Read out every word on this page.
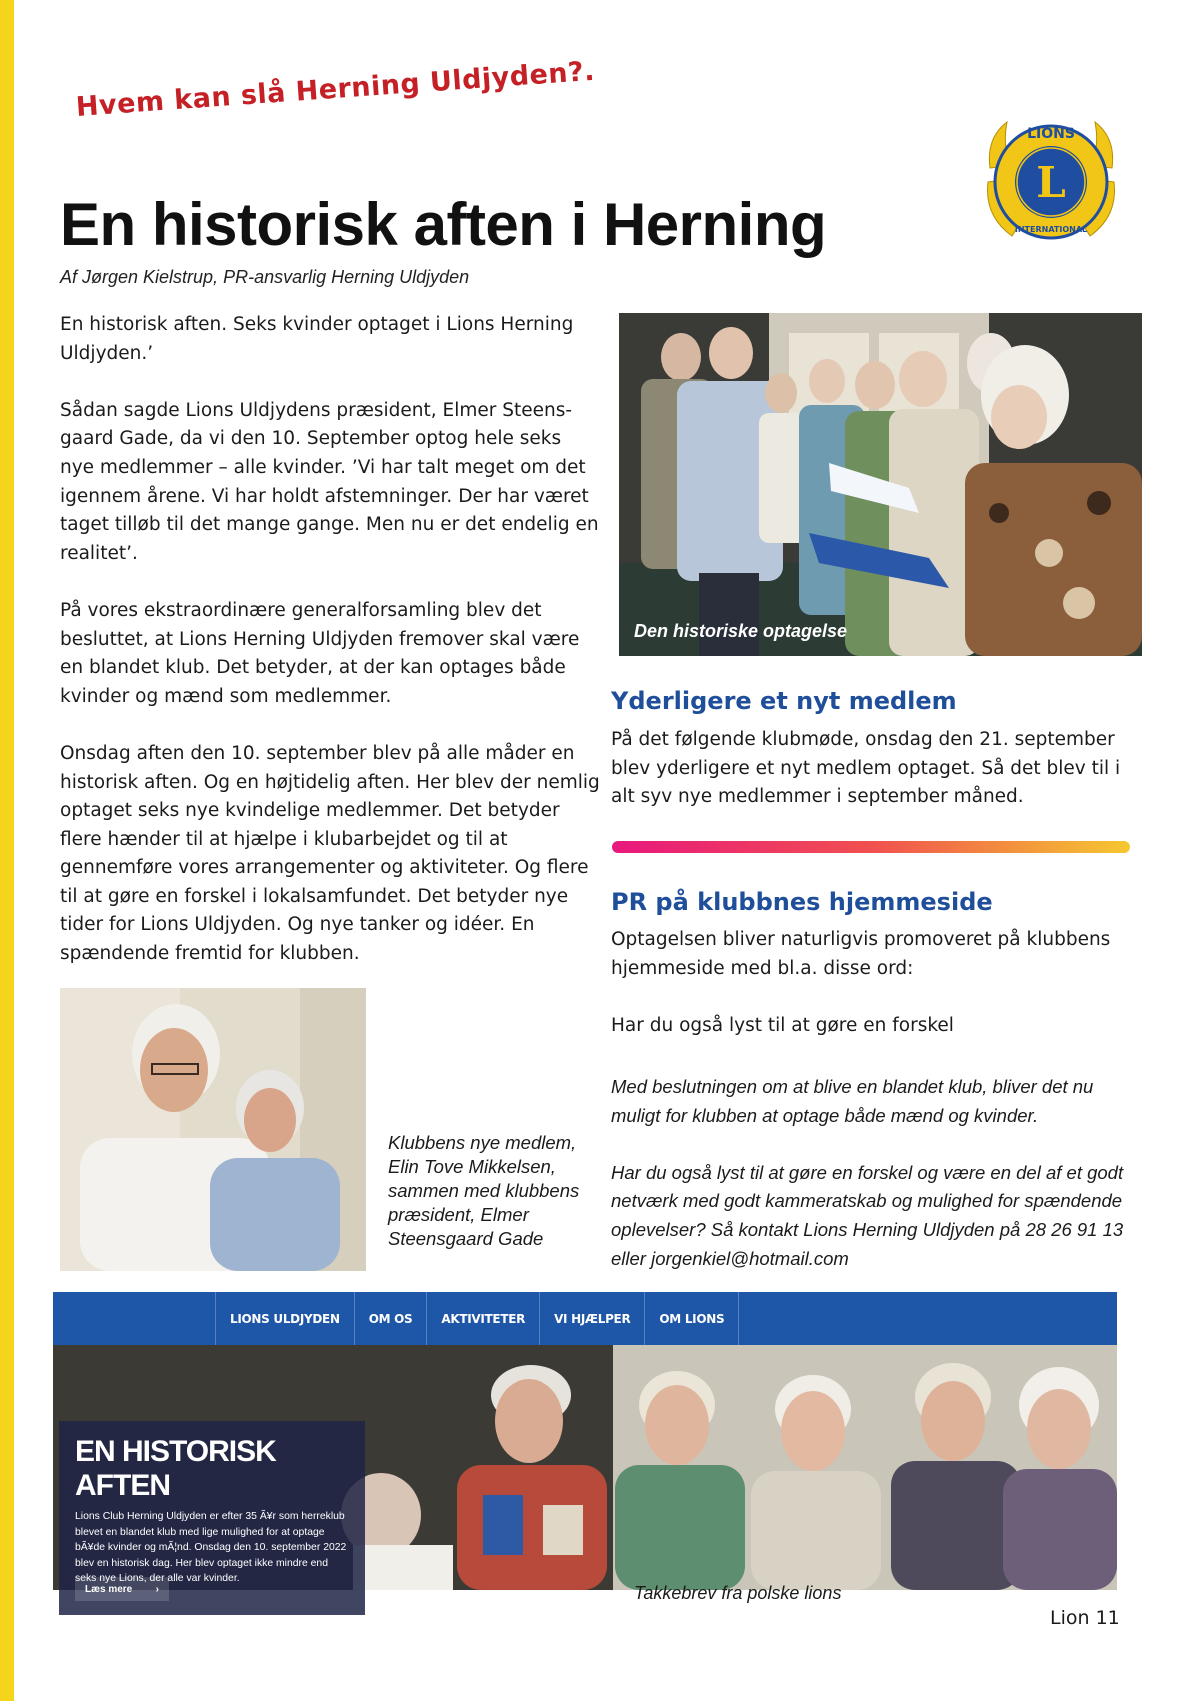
Hvem kan slå Herning Uldjyden?.
LIONS
L
INTERNATIONAL
En historisk aften i Herning
Af Jørgen Kielstrup, PR-ansvarlig Herning Uldjyden

En historisk aften. Seks kvinder optaget i Lions Herning Uldjyden.’

Sådan sagde Lions Uldjydens præsident, Elmer Steens-gaard Gade, da vi den 10. September optog hele seks nye medlemmer – alle kvinder. ’Vi har talt meget om det igennem årene. Vi har holdt afstemninger. Der har været taget tilløb til det mange gange. Men nu er det endelig en realitet’.

På vores ekstraordinære generalforsamling blev det besluttet, at Lions Herning Uldjyden fremover skal være en blandet klub. Det betyder, at der kan optages både kvinder og mænd som medlemmer.

Onsdag aften den 10. september blev på alle måder en historisk aften. Og en højtidelig aften. Her blev der nemlig optaget seks nye kvindelige medlemmer. Det betyder flere hænder til at hjælpe i klubarbejdet og til at gennemføre vores arrangementer og aktiviteter. Og flere til at gøre en forskel i lokalsamfundet. Det betyder nye tider for Lions Uldjyden. Og nye tanker og idéer. En spændende fremtid for klubben.

Den historiske optagelse
Yderligere et nyt medlem

På det følgende klubmøde, onsdag den 21. september blev yderligere et nyt medlem optaget. Så det blev til i alt syv nye medlemmer i september måned.

PR på klubbnes hjemmeside

Optagelsen bliver naturligvis promoveret på klubbens hjemmeside med bl.a. disse ord:

Har du også lyst til at gøre en forskel

Med beslutningen om at blive en blandet klub, bliver det nu muligt for klubben at optage både mænd og kvinder.

Har du også lyst til at gøre en forskel og være en del af et godt netværk med godt kammeratskab og mulighed for spændende oplevelser? Så kontakt Lions Herning Uldjyden på 28 26 91 13 eller jorgenkiel@hotmail.com

Klubbens nye medlem, Elin Tove Mikkelsen, sammen med klubbens præsident, Elmer Steensgaard Gade
LIONS ULDJYDEN	OM OS	AKTIVITETER	VI HJÆLPER	OM LIONS
EN HISTORISK AFTEN
Lions Club Herning Uldjyden er efter 35 Ã¥r som herreklub blevet en blandet klub med lige mulighed for at optage bÃ¥de kvinder og mÃ¦nd. Onsdag den 10. september 2022 blev en historisk dag. Her blev optaget ikke mindre end seks nye Lions, der alle var kvinder.
Læs mere ›	Takkebrev fra polske lions
Lion 11
